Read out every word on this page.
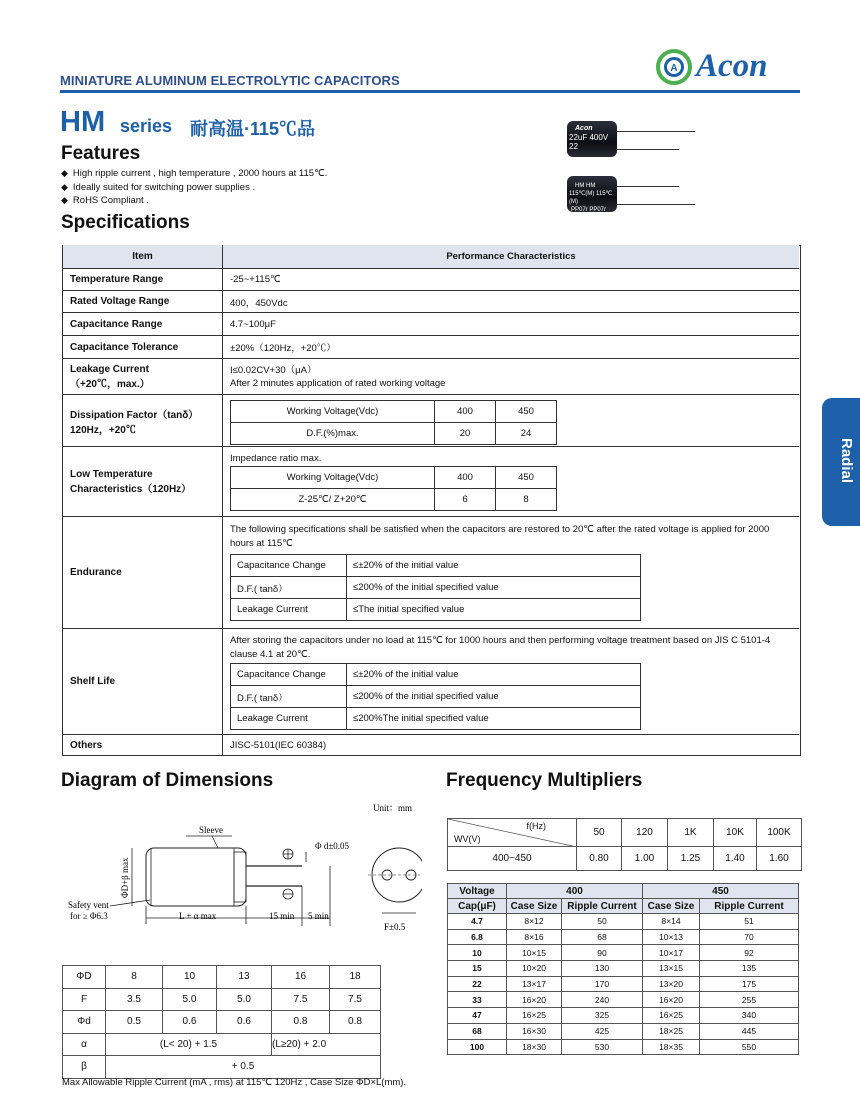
MINIATURE ALUMINUM ELECTROLYTIC CAPACITORS
A Acon
HM series 耐高温·115℃品
Features
◆ High ripple current , high temperature , 2000 hours at 115℃.
◆ Ideally suited for switching power supplies .
◆ RoHS Compliant .
Acon
22uF 400V 22
HM HM
115℃(M) 115℃(M)
PP07r PP07r
Specifications
Item	Performance Characteristics
Temperature Range	-25~+115℃
Rated Voltage Range	400，450Vdc
Capacitance Range	4.7~100μF
Capacitance Tolerance	±20%（120Hz，+20℃）
Leakage Current
（+20℃，max.）
I≤0.02CV+30（μA）
After 2 minutes application of rated working voltage
Dissipation Factor（tanδ）
120Hz，+20℃
Working Voltage(Vdc)	400	450
D.F.(%)max.	20	24
Low Temperature
Characteristics（120Hz）
Impedance ratio max.
Working Voltage(Vdc)	400	450
Z-25℃/ Z+20℃	6	8
Endurance
The following specifications shall be satisfied when the capacitors are restored to 20℃ after the rated voltage is applied for 2000
hours at 115℃
Capacitance Change	≤±20% of the initial value
D.F.( tanδ）	≤200% of the initial specified value
Leakage Current	≤The initial specified value
Shelf Life
After storing the capacitors under no load at 115℃ for 1000 hours and then performing voltage treatment based on JIS C 5101-4
clause 4.1 at 20℃.
Capacitance Change	≤±20% of the initial value
D.F.( tanδ）	≤200% of the initial specified value
Leakage Current	≤200%The initial specified value
Others	JISC-5101(IEC 60384)
Radial
Diagram of Dimensions
Unit：mm
Sleeve
Φ d±0.05
ΦD+β max
Safety vent
for ≥ Φ6.3	L + α max	15 min 5 min
F±0.5
ΦD	8	10	13	16	18
F	3.5	5.0	5.0	7.5	7.5
Φd	0.5	0.6	0.6	0.8	0.8
α	(L< 20) + 1.5			(L≥20) + 2.0	
β	+ 0.5				
Max Allowable Ripple Current (mA , rms) at 115℃ 120Hz , Case Size ΦD×L(mm).
Frequency Multipliers
f(Hz)
WV(V)	50	120	1K	10K	100K
400~450	0.80	1.00	1.25	1.40	1.60
Voltage	400		450	
Cap(μF)	Case Size	Ripple Current	Case Size	Ripple Current
4.7	8×12	50	8×14	51
6.8	8×16	68	10×13	70
10	10×15	90	10×17	92
15	10×20	130	13×15	135
22	13×17	170	13×20	175
33	16×20	240	16×20	255
47	16×25	325	16×25	340
68	16×30	425	18×25	445
100	18×30	530	18×35	550
